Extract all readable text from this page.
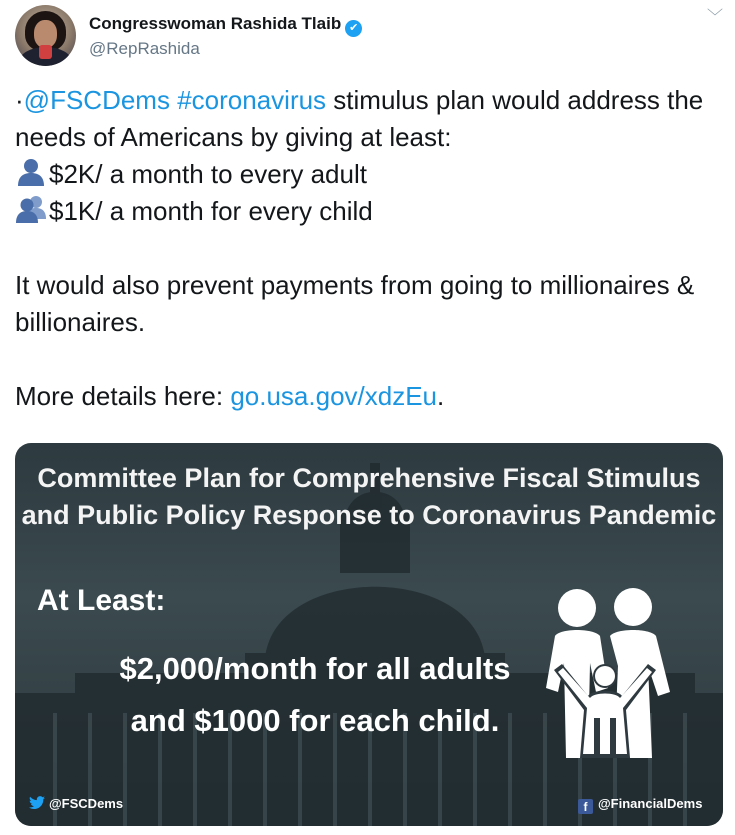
Congresswoman Rashida Tlaib ✔
@RepRashida
﹀
·@FSCDems #coronavirus stimulus plan would address the needs of Americans by giving at least:
$2K/ a month to every adult
$1K/ a month for every child

It would also prevent payments from going to millionaires & billionaires.

More details here: go.usa.gov/xdzEu.
Committee Plan for Comprehensive Fiscal Stimulus
and Public Policy Response to Coronavirus Pandemic
At Least:
$2,000/month for all adults
and $1000 for each child.
@FSCDems	f @FinancialDems
